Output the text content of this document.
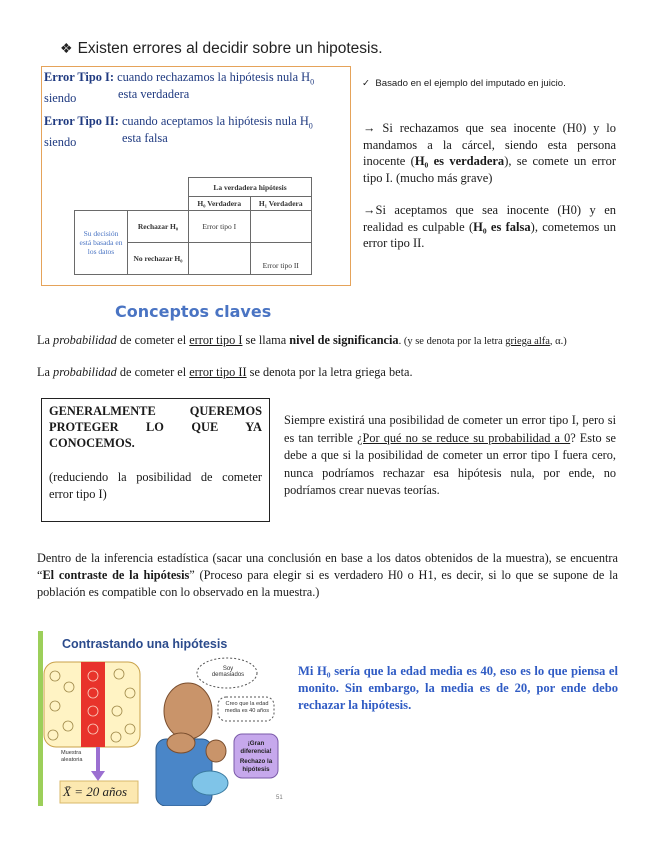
❖ Existen errores al decidir sobre un hipotesis.
Error Tipo I: cuando rechazamos la hipótesis nula $H_0$ siendo	esta verdadera
Error Tipo II: cuando aceptamos la hipótesis nula $H_0$ siendo	esta falsa
		La verdadera hipótesis	
		H₀ Verdadera	H₁ Verdadera
Su decisión está basada en los datos	Rechazar H₀	Error tipo I	
	No rechazar H₀		Error tipo II
✓ Basado en el ejemplo del imputado en juicio.
→ Si rechazamos que sea inocente (H0) y lo mandamos a la cárcel, siendo esta persona inocente (H₀ es verdadera), se comete un error tipo I. (mucho más grave)
→Si aceptamos que sea inocente (H0) y en realidad es culpable (H₀ es falsa), cometemos un error tipo II.
Conceptos claves
La probabilidad de cometer el error tipo I se llama nivel de significancia. (y se denota por la letra griega alfa, α.)
La probabilidad de cometer el error tipo II se denota por la letra griega beta.
GENERALMENTE QUEREMOS PROTEGER LO QUE YA
CONOCEMOS.
(reduciendo la posibilidad de cometer error tipo I)
Siempre existirá una posibilidad de cometer un error tipo I, pero si es tan terrible ¿Por qué no se reduce su probabilidad a 0? Esto se debe a que si la posibilidad de cometer un error tipo I fuera cero, nunca podríamos rechazar esa hipótesis nula, por ende, no podríamos crear nuevas teorías.
Dentro de la inferencia estadística (sacar una conclusión en base a los datos obtenidos de la muestra), se encuentra “El contraste de la hipótesis” (Proceso para elegir si es verdadero H0 o H1, es decir, si lo que se supone de la población es compatible con lo observado en la muestra.)
Contrastando una hipótesis
Soy demasiados
Creo que la edad media es 40 años
Muestra aleatoria
X̄ = 20 años
¡Gran diferencia!
Rechazo la hipótesis
51
Mi H₀ sería que la edad media es 40, eso es lo que piensa el monito. Sin embargo, la media es de 20, por ende debo rechazar la hipótesis.
